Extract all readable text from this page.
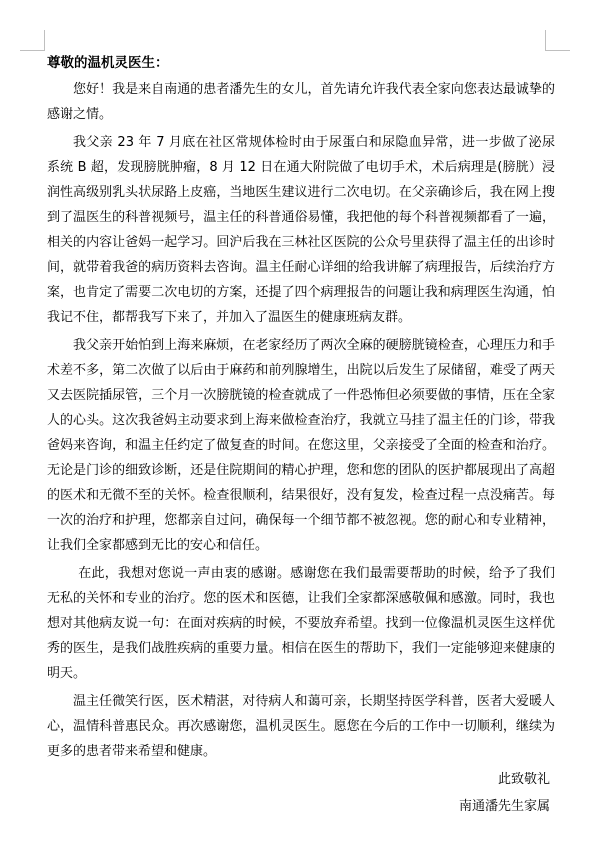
尊敬的温机灵医生：

您好！我是来自南通的患者潘先生的女儿，首先请允许我代表全家向您表达最诚挚的感谢之情。

我父亲 23 年 7 月底在社区常规体检时由于尿蛋白和尿隐血异常，进一步做了泌尿系统 B 超，发现膀胱肿瘤，8 月 12 日在通大附院做了电切手术，术后病理是(膀胱）浸润性高级别乳头状尿路上皮癌，当地医生建议进行二次电切。在父亲确诊后，我在网上搜到了温医生的科普视频号，温主任的科普通俗易懂，我把他的每个科普视频都看了一遍，相关的内容让爸妈一起学习。回沪后我在三林社区医院的公众号里获得了温主任的出诊时间，就带着我爸的病历资料去咨询。温主任耐心详细的给我讲解了病理报告，后续治疗方案，也肯定了需要二次电切的方案，还提了四个病理报告的问题让我和病理医生沟通，怕我记不住，都帮我写下来了，并加入了温医生的健康班病友群。

我父亲开始怕到上海来麻烦，在老家经历了两次全麻的硬膀胱镜检查，心理压力和手术差不多，第二次做了以后由于麻药和前列腺增生，出院以后发生了尿储留，难受了两天又去医院插尿管，三个月一次膀胱镜的检查就成了一件恐怖但必须要做的事情，压在全家人的心头。这次我爸妈主动要求到上海来做检查治疗，我就立马挂了温主任的门诊，带我爸妈来咨询，和温主任约定了做复查的时间。在您这里，父亲接受了全面的检查和治疗。无论是门诊的细致诊断，还是住院期间的精心护理，您和您的团队的医护都展现出了高超的医术和无微不至的关怀。检查很顺利，结果很好，没有复发，检查过程一点没痛苦。每一次的治疗和护理，您都亲自过问，确保每一个细节都不被忽视。您的耐心和专业精神，让我们全家都感到无比的安心和信任。

在此，我想对您说一声由衷的感谢。感谢您在我们最需要帮助的时候，给予了我们无私的关怀和专业的治疗。您的医术和医德，让我们全家都深感敬佩和感激。同时，我也想对其他病友说一句：在面对疾病的时候，不要放弃希望。找到一位像温机灵医生这样优秀的医生，是我们战胜疾病的重要力量。相信在医生的帮助下，我们一定能够迎来健康的明天。

温主任微笑行医，医术精湛，对待病人和蔼可亲，长期坚持医学科普，医者大爱暖人心，温情科普惠民众。再次感谢您，温机灵医生。愿您在今后的工作中一切顺利，继续为更多的患者带来希望和健康。

此致敬礼
南通潘先生家属
